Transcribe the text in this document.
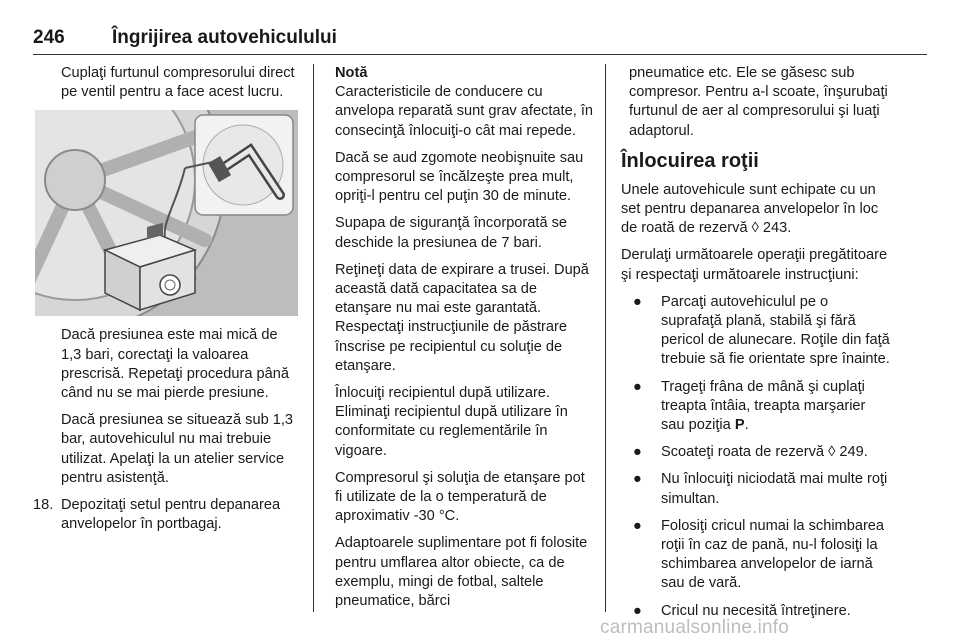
246 Îngrijirea autovehiculului

Cuplaţi furtunul compresorului direct pe ventil pentru a face acest lucru.

Dacă presiunea este mai mică de 1,3 bari, corectaţi la valoarea prescrisă. Repetaţi procedura până când nu se mai pierde presiune.

Dacă presiunea se situează sub 1,3 bar, autovehiculul nu mai trebuie utilizat. Apelaţi la un atelier service pentru asistenţă.

18. Depozitaţi setul pentru depanarea anvelopelor în portbagaj.
Notă

Caracteristicile de conducere cu anvelopa reparată sunt grav afectate, în consecinţă înlocuiţi-o cât mai repede.

Dacă se aud zgomote neobişnuite sau compresorul se încălzeşte prea mult, opriţi-l pentru cel puţin 30 de minute.

Supapa de siguranţă încorporată se deschide la presiunea de 7 bari.

Reţineţi data de expirare a trusei. După această dată capacitatea sa de etanşare nu mai este garantată. Respectaţi instrucţiunile de păstrare înscrise pe recipientul cu soluţie de etanşare.

Înlocuiţi recipientul după utilizare. Eliminaţi recipientul după utilizare în conformitate cu reglementările în vigoare.

Compresorul şi soluţia de etanşare pot fi utilizate de la o temperatură de aproximativ -30 °C.

Adaptoarele suplimentare pot fi folosite pentru umflarea altor obiecte, ca de exemplu, mingi de fotbal, saltele pneumatice, bărci

pneumatice etc. Ele se găsesc sub compresor. Pentru a-l scoate, înşurubaţi furtunul de aer al compresorului şi luaţi adaptorul.

Înlocuirea roţii

Unele autovehicule sunt echipate cu un set pentru depanarea anvelopelor în loc de roată de rezervă ◊ 243.

Derulaţi următoarele operaţii pregătitoare şi respectaţi următoarele instrucţiuni:

● Parcaţi autovehiculul pe o suprafaţă plană, stabilă şi fără pericol de alunecare. Roţile din faţă trebuie să fie orientate spre înainte.
● Trageţi frâna de mână şi cuplaţi treapta întâia, treapta marşarier sau poziţia P.
● Scoateţi roata de rezervă ◊ 249.
● Nu înlocuiţi niciodată mai multe roţi simultan.
● Folosiţi cricul numai la schimbarea roţii în caz de pană, nu-l folosiţi la schimbarea anvelopelor de iarnă sau de vară.
● Cricul nu necesită întreţinere.
carmanualsonline.info
